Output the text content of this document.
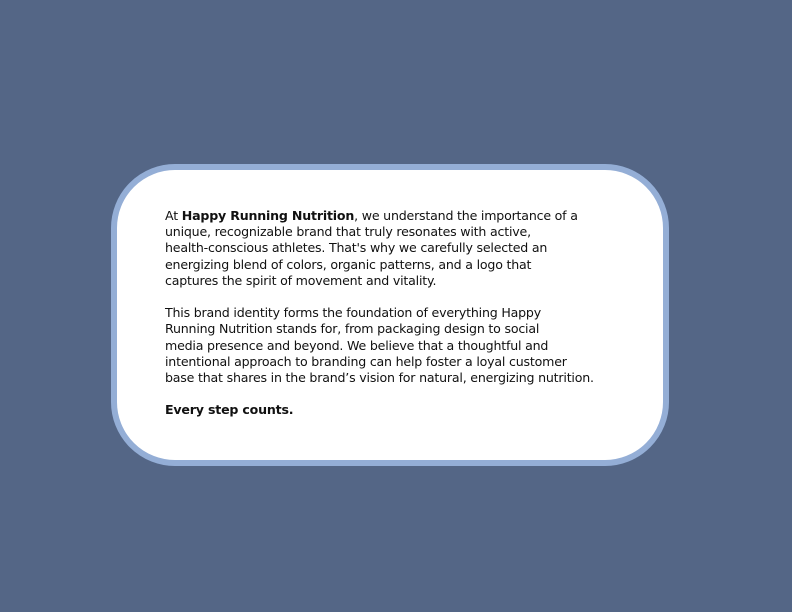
At Happy Running Nutrition, we understand the importance of a
unique, recognizable brand that truly resonates with active,
health-conscious athletes. That's why we carefully selected an
energizing blend of colors, organic patterns, and a logo that
captures the spirit of movement and vitality.

This brand identity forms the foundation of everything Happy
Running Nutrition stands for, from packaging design to social
media presence and beyond. We believe that a thoughtful and
intentional approach to branding can help foster a loyal customer
base that shares in the brand’s vision for natural, energizing nutrition.

Every step counts.
